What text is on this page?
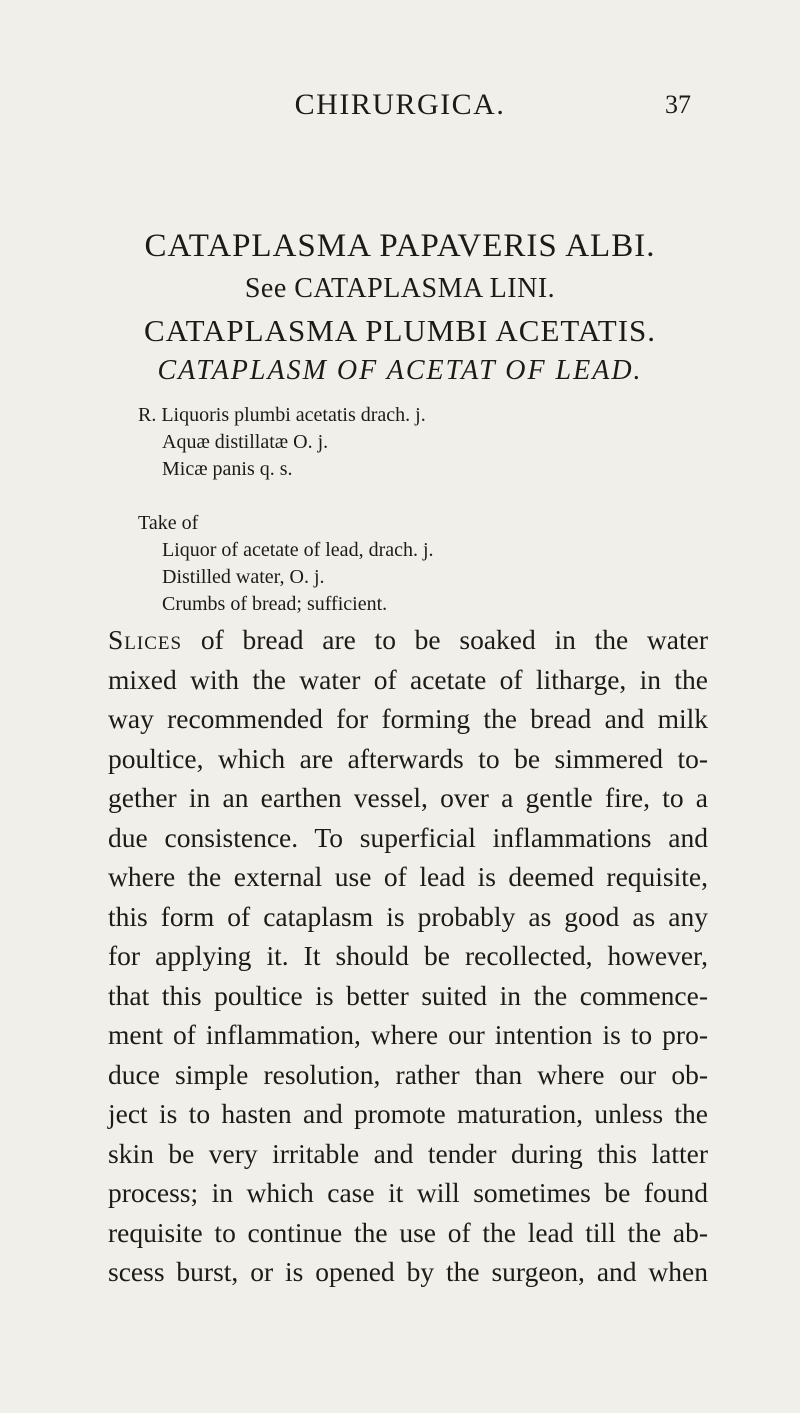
CHIRURGICA.	37
CATAPLASMA PAPAVERIS ALBI.
See CATAPLASMA LINI.
CATAPLASMA PLUMBI ACETATIS.
CATAPLASM OF ACETAT OF LEAD.
R. Liquoris plumbi acetatis drach. j.
Aquæ distillatæ O. j.
Micæ panis q. s.
Take of
Liquor of acetate of lead, drach. j.
Distilled water, O. j.
Crumbs of bread; sufficient.
Slices of bread are to be soaked in the water
mixed with the water of acetate of litharge, in the
way recommended for forming the bread and milk
poultice, which are afterwards to be simmered to-
gether in an earthen vessel, over a gentle fire, to a
due consistence. To superficial inflammations and
where the external use of lead is deemed requisite,
this form of cataplasm is probably as good as any
for applying it. It should be recollected, however,
that this poultice is better suited in the commence-
ment of inflammation, where our intention is to pro-
duce simple resolution, rather than where our ob-
ject is to hasten and promote maturation, unless the
skin be very irritable and tender during this latter
process; in which case it will sometimes be found
requisite to continue the use of the lead till the ab-
scess burst, or is opened by the surgeon, and when
